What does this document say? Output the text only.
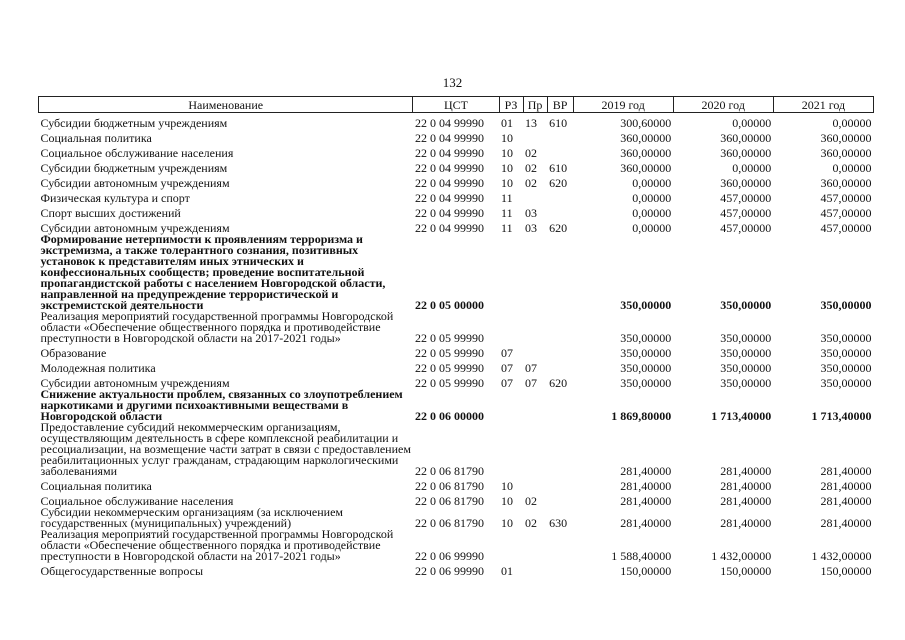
132
Наименование	ЦСТ	РЗ	Пр	ВР	2019 год	2020 год	2021 год
Субсидии бюджетным учреждениям	22 0 04 99990	01	13	610	300,60000	0,00000	0,00000
Социальная политика	22 0 04 99990	10			360,00000	360,00000	360,00000
Социальное обслуживание населения	22 0 04 99990	10	02		360,00000	360,00000	360,00000
Субсидии бюджетным учреждениям	22 0 04 99990	10	02	610	360,00000	0,00000	0,00000
Субсидии автономным учреждениям	22 0 04 99990	10	02	620	0,00000	360,00000	360,00000
Физическая культура и спорт	22 0 04 99990	11			0,00000	457,00000	457,00000
Спорт высших достижений	22 0 04 99990	11	03		0,00000	457,00000	457,00000
Субсидии автономным учреждениям	22 0 04 99990	11	03	620	0,00000	457,00000	457,00000
Формирование нетерпимости к проявлениям терроризма и экстремизма, а также толерантного сознания, позитивных установок к представителям иных этнических и конфессиональных сообществ; проведение воспитательной пропагандистской работы с населением Новгородской области, направленной на предупреждение террористической и экстремистской деятельности	22 0 05 00000				350,00000	350,00000	350,00000
Реализация мероприятий государственной программы Новгородской области «Обеспечение общественного порядка и противодействие преступности в Новгородской области на 2017-2021 годы»	22 0 05 99990				350,00000	350,00000	350,00000
Образование	22 0 05 99990	07			350,00000	350,00000	350,00000
Молодежная политика	22 0 05 99990	07	07		350,00000	350,00000	350,00000
Субсидии автономным учреждениям	22 0 05 99990	07	07	620	350,00000	350,00000	350,00000
Снижение актуальности проблем, связанных со злоупотреблением наркотиками и другими психоактивными веществами в Новгородской области	22 0 06 00000				1 869,80000	1 713,40000	1 713,40000
Предоставление субсидий некоммерческим организациям, осуществляющим деятельность в сфере комплексной реабилитации и ресоциализации, на возмещение части затрат в связи с предоставлением реабилитационных услуг гражданам, страдающим наркологическими заболеваниями	22 0 06 81790				281,40000	281,40000	281,40000
Социальная политика	22 0 06 81790	10			281,40000	281,40000	281,40000
Социальное обслуживание населения	22 0 06 81790	10	02		281,40000	281,40000	281,40000
Субсидии некоммерческим организациям (за исключением государственных (муниципальных) учреждений)	22 0 06 81790	10	02	630	281,40000	281,40000	281,40000
Реализация мероприятий государственной программы Новгородской области «Обеспечение общественного порядка и противодействие преступности в Новгородской области на 2017-2021 годы»	22 0 06 99990				1 588,40000	1 432,00000	1 432,00000
Общегосударственные вопросы	22 0 06 99990	01			150,00000	150,00000	150,00000
